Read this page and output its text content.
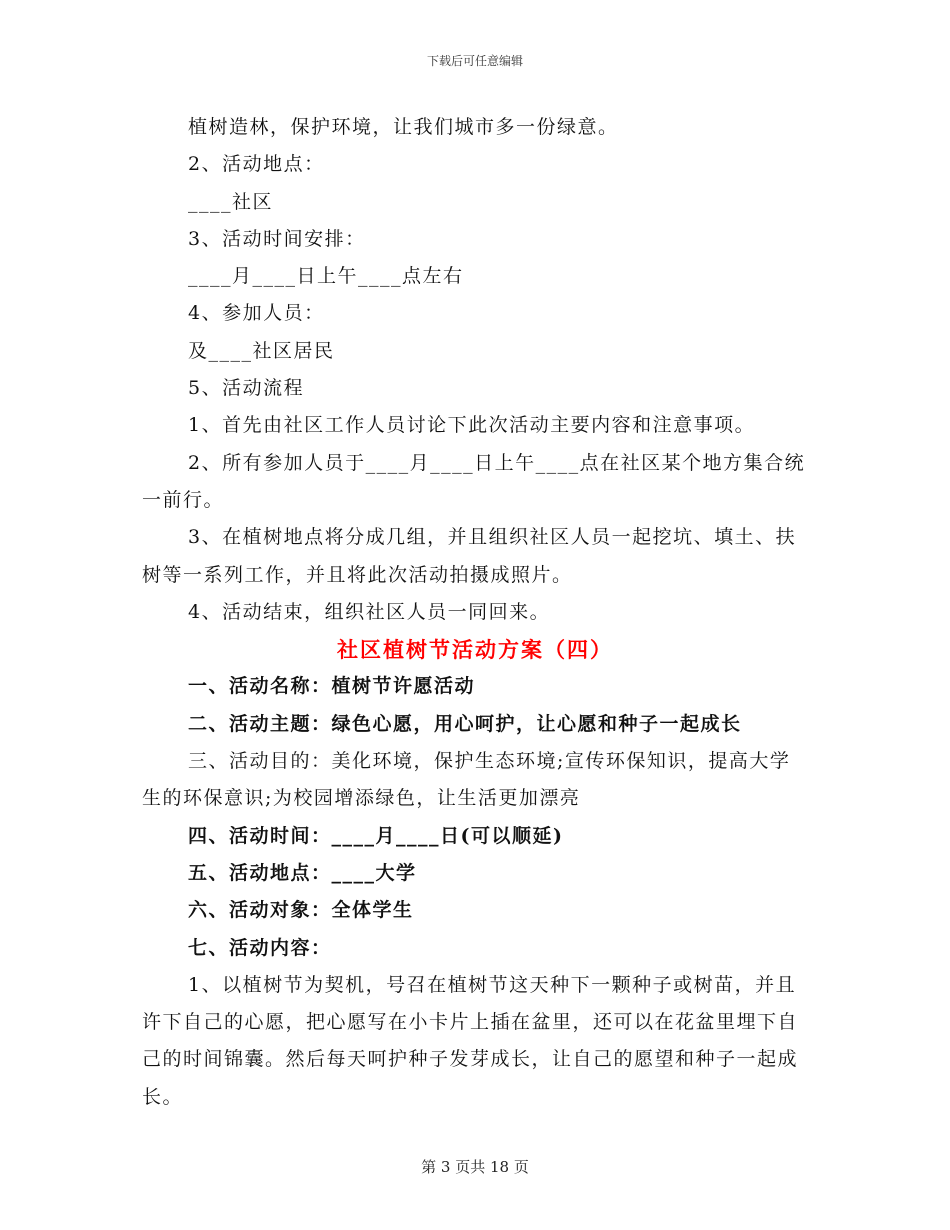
下载后可任意编辑

植树造林，保护环境，让我们城市多一份绿意。

2、活动地点：

____社区

3、活动时间安排：

____月____日上午____点左右

4、参加人员：

及____社区居民

5、活动流程

1、首先由社区工作人员讨论下此次活动主要内容和注意事项。

2、所有参加人员于____月____日上午____点在社区某个地方集合统一前行。

3、在植树地点将分成几组，并且组织社区人员一起挖坑、填土、扶树等一系列工作，并且将此次活动拍摄成照片。

4、活动结束，组织社区人员一同回来。

社区植树节活动方案（四）

一、活动名称：植树节许愿活动

二、活动主题：绿色心愿，用心呵护，让心愿和种子一起成长

三、活动目的：美化环境，保护生态环境;宣传环保知识，提高大学生的环保意识;为校园增添绿色，让生活更加漂亮

四、活动时间：____月____日(可以顺延)

五、活动地点：____大学

六、活动对象：全体学生

七、活动内容：

1、以植树节为契机，号召在植树节这天种下一颗种子或树苗，并且许下自己的心愿，把心愿写在小卡片上插在盆里，还可以在花盆里埋下自己的时间锦囊。然后每天呵护种子发芽成长，让自己的愿望和种子一起成长。

第 3 页共 18 页
